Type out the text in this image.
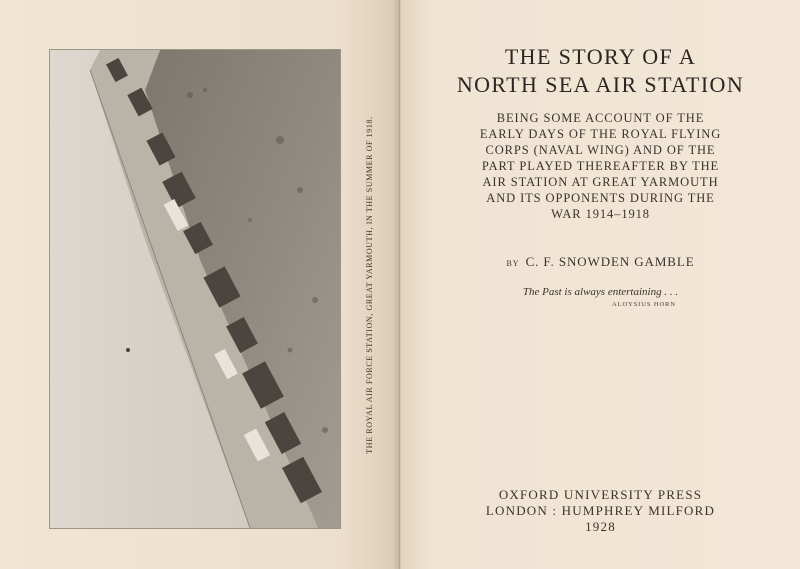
THE ROYAL AIR FORCE STATION, GREAT YARMOUTH, IN THE SUMMER OF 1918.
THE STORY OF A
NORTH SEA AIR STATION
BEING SOME ACCOUNT OF THE
EARLY DAYS OF THE ROYAL FLYING
CORPS (NAVAL WING) AND OF THE
PART PLAYED THEREAFTER BY THE
AIR STATION AT GREAT YARMOUTH
AND ITS OPPONENTS DURING THE
WAR 1914–1918
BY C. F. SNOWDEN GAMBLE
The Past is always entertaining . . .
ALOYSIUS HORN
OXFORD UNIVERSITY PRESS
LONDON : HUMPHREY MILFORD
1928
